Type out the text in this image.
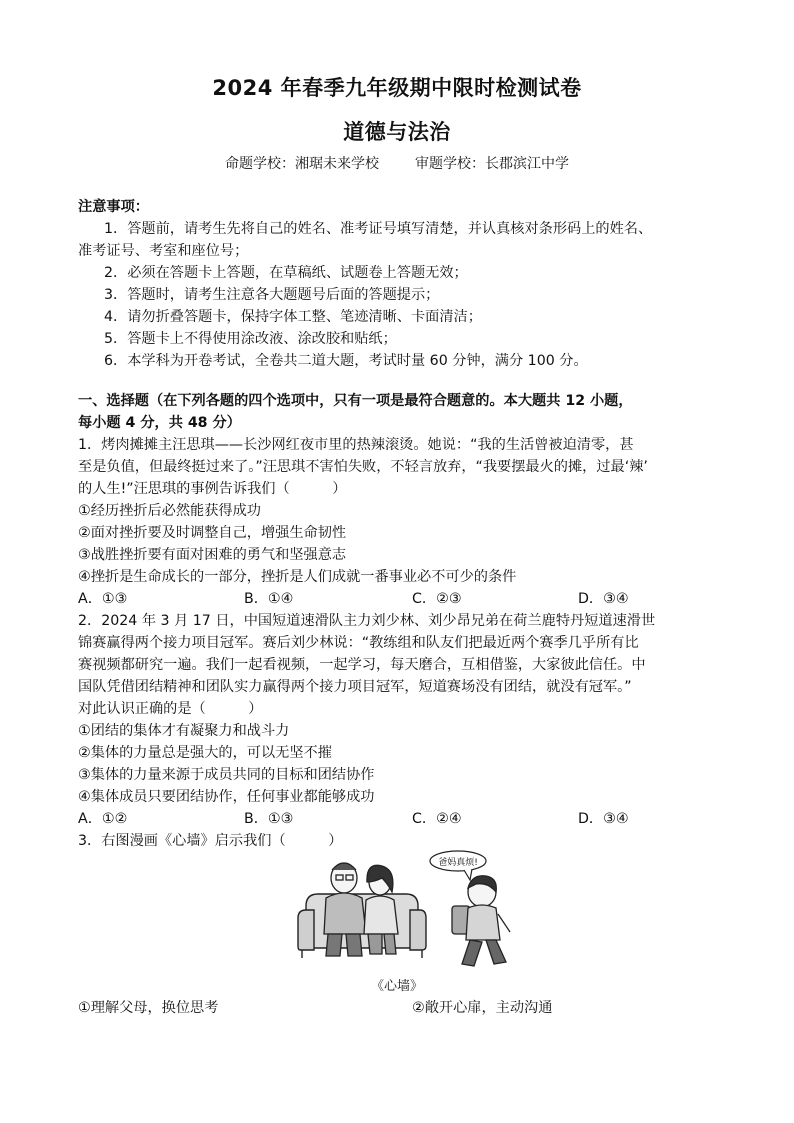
2024 年春季九年级期中限时检测试卷
道德与法治
命题学校：湘琚未来学校	审题学校：长郡滨江中学
注意事项：
1．答题前，请考生先将自己的姓名、准考证号填写清楚，并认真核对条形码上的姓名、
准考证号、考室和座位号；
2．必须在答题卡上答题，在草稿纸、试题卷上答题无效；
3．答题时，请考生注意各大题题号后面的答题提示；
4．请勿折叠答题卡，保持字体工整、笔迹清晰、卡面清洁；
5．答题卡上不得使用涂改液、涂改胶和贴纸；
6．本学科为开卷考试，全卷共二道大题，考试时量 60 分钟，满分 100 分。
一、选择题（在下列各题的四个选项中，只有一项是最符合题意的。本大题共 12 小题，
每小题 4 分，共 48 分）
1．烤肉摊摊主汪思琪——长沙网红夜市里的热辣滚烫。她说：“我的生活曾被迫清零，甚
至是负值，但最终挺过来了。”汪思琪不害怕失败，不轻言放弃，“我要摆最火的摊，过最‘辣’
的人生!”汪思琪的事例告诉我们（　　　）
①经历挫折后必然能获得成功
②面对挫折要及时调整自己，增强生命韧性
③战胜挫折要有面对困难的勇气和坚强意志
④挫折是生命成长的一部分，挫折是人们成就一番事业必不可少的条件
A．①③	B．①④	C．②③	D．③④
2．2024 年 3 月 17 日，中国短道速滑队主力刘少林、刘少昂兄弟在荷兰鹿特丹短道速滑世
锦赛赢得两个接力项目冠军。赛后刘少林说：“教练组和队友们把最近两个赛季几乎所有比
赛视频都研究一遍。我们一起看视频，一起学习，每天磨合，互相借鉴，大家彼此信任。中
国队凭借团结精神和团队实力赢得两个接力项目冠军，短道赛场没有团结，就没有冠军。”
对此认识正确的是（　　　）
①团结的集体才有凝聚力和战斗力
②集体的力量总是强大的，可以无坚不摧
③集体的力量来源于成员共同的目标和团结协作
④集体成员只要团结协作，任何事业都能够成功
A．①②	B．①③	C．②④	D．③④
3．右图漫画《心墙》启示我们（　　　）
爸妈真烦!
《心墙》
①理解父母，换位思考	②敞开心扉，主动沟通
